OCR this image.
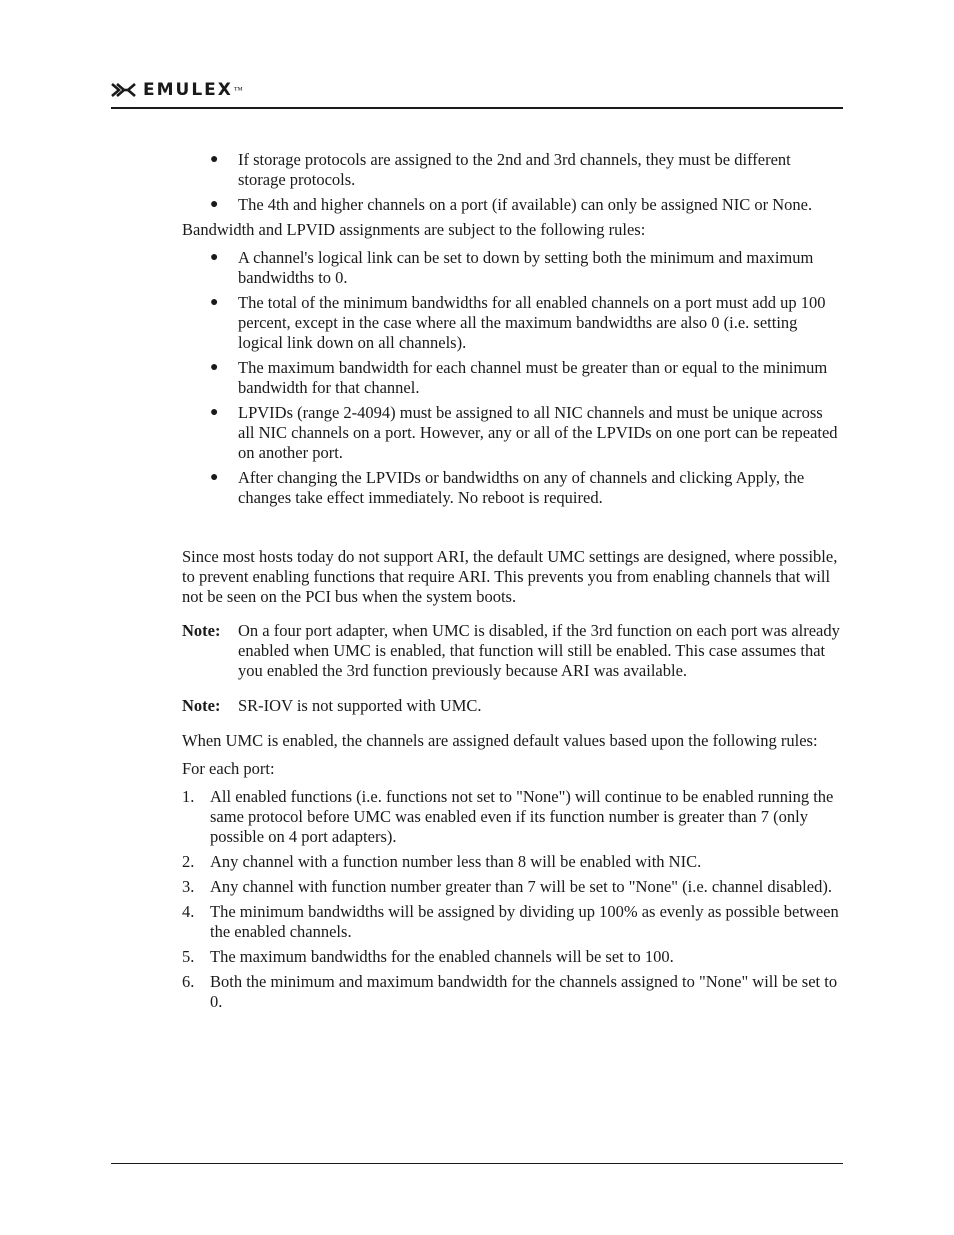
EMULEX ™
● If storage protocols are assigned to the 2nd and 3rd channels, they must be different storage protocols.
● The 4th and higher channels on a port (if available) can only be assigned NIC or None.

Bandwidth and LPVID assignments are subject to the following rules:

● A channel's logical link can be set to down by setting both the minimum and maximum bandwidths to 0.
● The total of the minimum bandwidths for all enabled channels on a port must add up 100 percent, except in the case where all the maximum bandwidths are also 0 (i.e. setting logical link down on all channels).
● The maximum bandwidth for each channel must be greater than or equal to the minimum bandwidth for that channel.
● LPVIDs (range 2-4094) must be assigned to all NIC channels and must be unique across all NIC channels on a port. However, any or all of the LPVIDs on one port can be repeated on another port.
● After changing the LPVIDs or bandwidths on any of channels and clicking Apply, the changes take effect immediately. No reboot is required.

Since most hosts today do not support ARI, the default UMC settings are designed, where possible, to prevent enabling functions that require ARI. This prevents you from enabling channels that will not be seen on the PCI bus when the system boots.

Note:	On a four port adapter, when UMC is disabled, if the 3rd function on each port was already enabled when UMC is enabled, that function will still be enabled. This case assumes that you enabled the 3rd function previously because ARI was available.
Note:	SR-IOV is not supported with UMC.

When UMC is enabled, the channels are assigned default values based upon the following rules:

For each port:

1. All enabled functions (i.e. functions not set to "None") will continue to be enabled running the same protocol before UMC was enabled even if its function number is greater than 7 (only possible on 4 port adapters).
2. Any channel with a function number less than 8 will be enabled with NIC.
3. Any channel with function number greater than 7 will be set to "None" (i.e. channel disabled).
4. The minimum bandwidths will be assigned by dividing up 100% as evenly as possible between the enabled channels.
5. The maximum bandwidths for the enabled channels will be set to 100.
6. Both the minimum and maximum bandwidth for the channels assigned to "None" will be set to 0.
